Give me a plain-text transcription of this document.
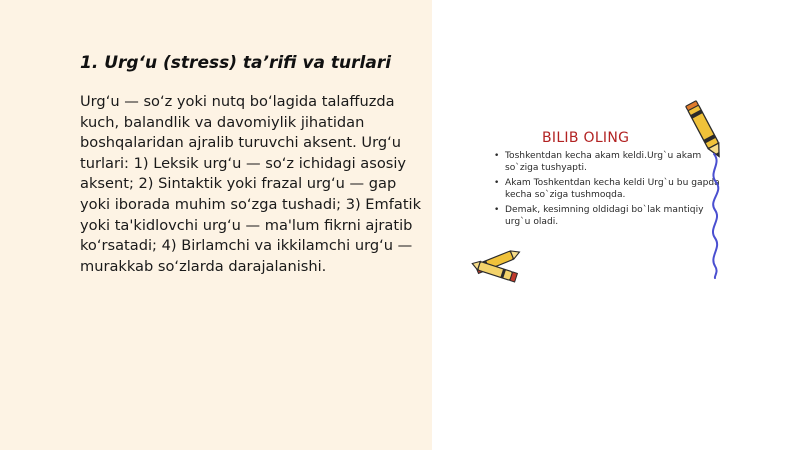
1. Urg‘u (stress) ta’rifi va turlari

Urg‘u — so‘z yoki nutq bo‘lagida talaffuzda kuch, balandlik va davomiylik jihatidan boshqalaridan ajralib turuvchi aksent. Urg‘u turlari: 1) Leksik urg‘u — so‘z ichidagi asosiy aksent; 2) Sintaktik yoki frazal urg‘u — gap yoki iborada muhim so‘zga tushadi; 3) Emfatik yoki ta'kidlovchi urg‘u — ma'lum fikrni ajratib ko‘rsatadi; 4) Birlamchi va ikkilamchi urg‘u — murakkab so‘zlarda darajalanishi.

BILIB OLING
• Toshkentdan kecha akam keldi.Urg`u akam so`ziga tushyapti.
• Akam Toshkentdan kecha keldi Urg`u bu gapda kecha so`ziga tushmoqda.
• Demak, kesimning oldidagi bo`lak mantiqiy urg`u oladi.
